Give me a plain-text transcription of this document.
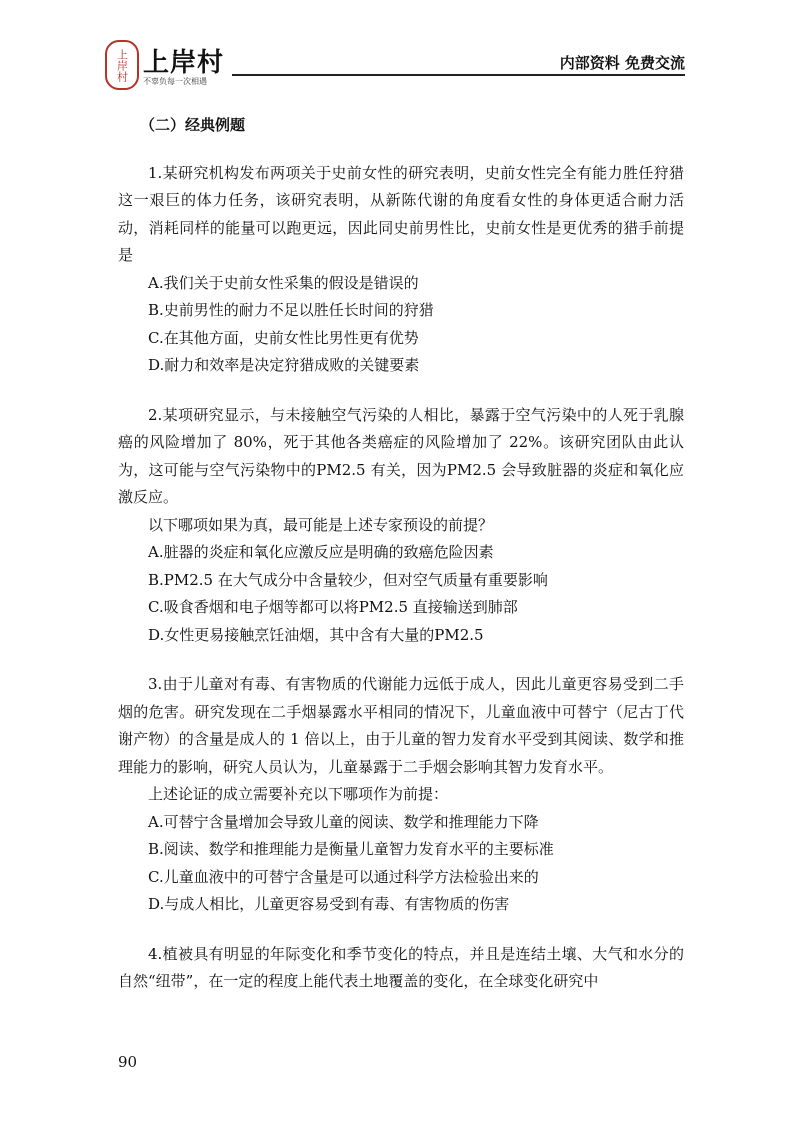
上岸村 上岸村
不辜负每一次相遇
内部资料 免费交流
（二）经典例题

1.某研究机构发布两项关于史前女性的研究表明，史前女性完全有能力胜任狩猎这一艰巨的体力任务，该研究表明，从新陈代谢的角度看女性的身体更适合耐力活动，消耗同样的能量可以跑更远，因此同史前男性比，史前女性是更优秀的猎手前提是

A.我们关于史前女性采集的假设是错误的
B.史前男性的耐力不足以胜任长时间的狩猎
C.在其他方面，史前女性比男性更有优势
D.耐力和效率是决定狩猎成败的关键要素

2.某项研究显示，与未接触空气污染的人相比，暴露于空气污染中的人死于乳腺癌的风险增加了 80%，死于其他各类癌症的风险增加了 22%。该研究团队由此认为，这可能与空气污染物中的PM2.5 有关，因为PM2.5 会导致脏器的炎症和氧化应激反应。

以下哪项如果为真，最可能是上述专家预设的前提？

A.脏器的炎症和氧化应激反应是明确的致癌危险因素
B.PM2.5 在大气成分中含量较少，但对空气质量有重要影响
C.吸食香烟和电子烟等都可以将PM2.5 直接输送到肺部
D.女性更易接触烹饪油烟，其中含有大量的PM2.5

3.由于儿童对有毒、有害物质的代谢能力远低于成人，因此儿童更容易受到二手烟的危害。研究发现在二手烟暴露水平相同的情况下，儿童血液中可替宁（尼古丁代谢产物）的含量是成人的 1 倍以上，由于儿童的智力发育水平受到其阅读、数学和推理能力的影响，研究人员认为，儿童暴露于二手烟会影响其智力发育水平。

上述论证的成立需要补充以下哪项作为前提：

A.可替宁含量增加会导致儿童的阅读、数学和推理能力下降
B.阅读、数学和推理能力是衡量儿童智力发育水平的主要标准
C.儿童血液中的可替宁含量是可以通过科学方法检验出来的
D.与成人相比，儿童更容易受到有毒、有害物质的伤害

4.植被具有明显的年际变化和季节变化的特点，并且是连结土壤、大气和水分的自然“纽带”，在一定的程度上能代表土地覆盖的变化，在全球变化研究中

90
